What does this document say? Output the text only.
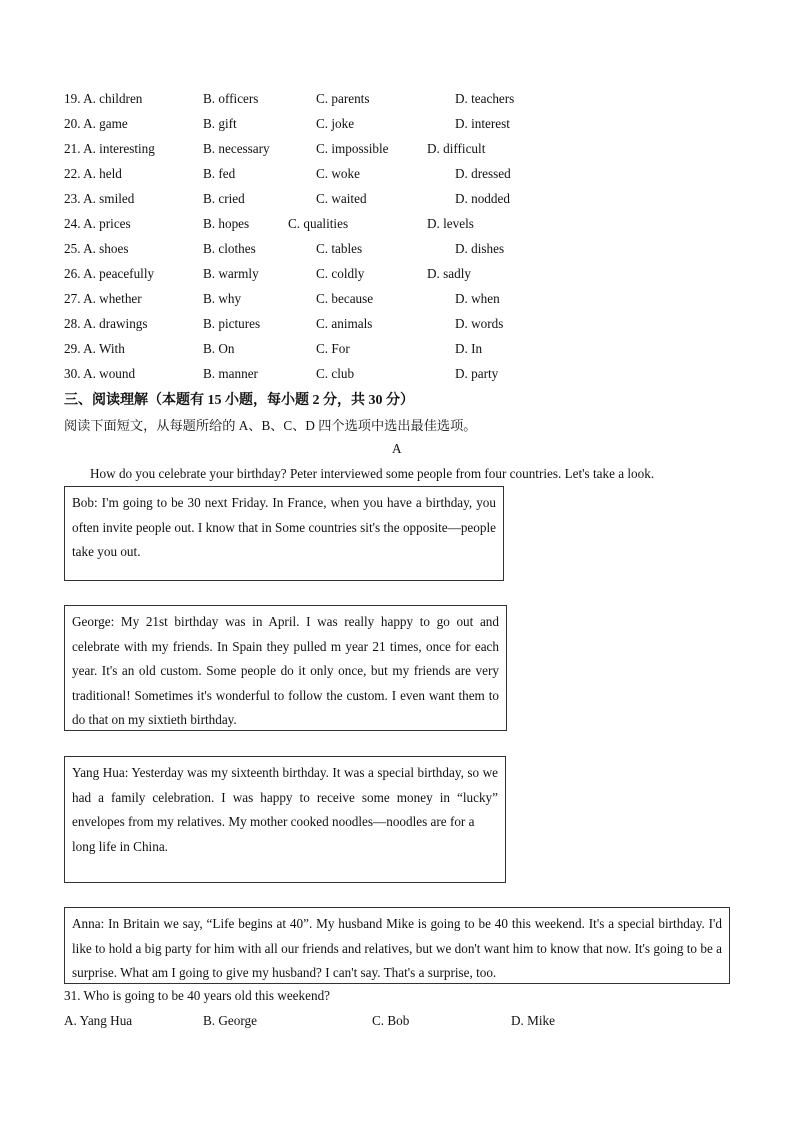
19. A. children	B. officers	C. parents	D. teachers
20. A. game	B. gift	C. joke	D. interest
21. A. interesting	B. necessary	C. impossible	D. difficult
22. A. held	B. fed	C. woke	D. dressed
23. A. smiled	B. cried	C. waited	D. nodded
24. A. prices	B. hopes	C. qualities	D. levels
25. A. shoes	B. clothes	C. tables	D. dishes
26. A. peacefully	B. warmly	C. coldly	D. sadly
27. A. whether	B. why	C. because	D. when
28. A. drawings	B. pictures	C. animals	D. words
29. A. With	B. On	C. For	D. In
30. A. wound	B. manner	C. club	D. party
三、阅读理解（本题有 15 小题，每小题 2 分，共 30 分）
阅读下面短文，从每题所给的 A、B、C、D 四个选项中选出最佳选项。
A
How do you celebrate your birthday? Peter interviewed some people from four countries. Let's take a look.
Bob: I'm going to be 30 next Friday. In France, when you have a birthday, you often invite people out. I know that in Some countries sit's the opposite—people take you out.
George: My 21st birthday was in April. I was really happy to go out and celebrate with my friends. In Spain they pulled m year 21 times, once for each year. It's an old custom. Some people do it only once, but my friends are very traditional! Sometimes it's wonderful to follow the custom. I even want them to do that on my sixtieth birthday.
Yang Hua: Yesterday was my sixteenth birthday. It was a special birthday, so we had a family celebration. I was happy to receive some money in “lucky” envelopes from my relatives. My mother cooked noodles—noodles are for a
long life in China.
Anna: In Britain we say, “Life begins at 40”. My husband Mike is going to be 40 this weekend. It's a special birthday. I'd like to hold a big party for him with all our friends and relatives, but we don't want him to know that now. It's going to be a surprise. What am I going to give my husband? I can't say. That's a surprise, too.
31. Who is going to be 40 years old this weekend?
A. Yang Hua	B. George	C. Bob	D. Mike
